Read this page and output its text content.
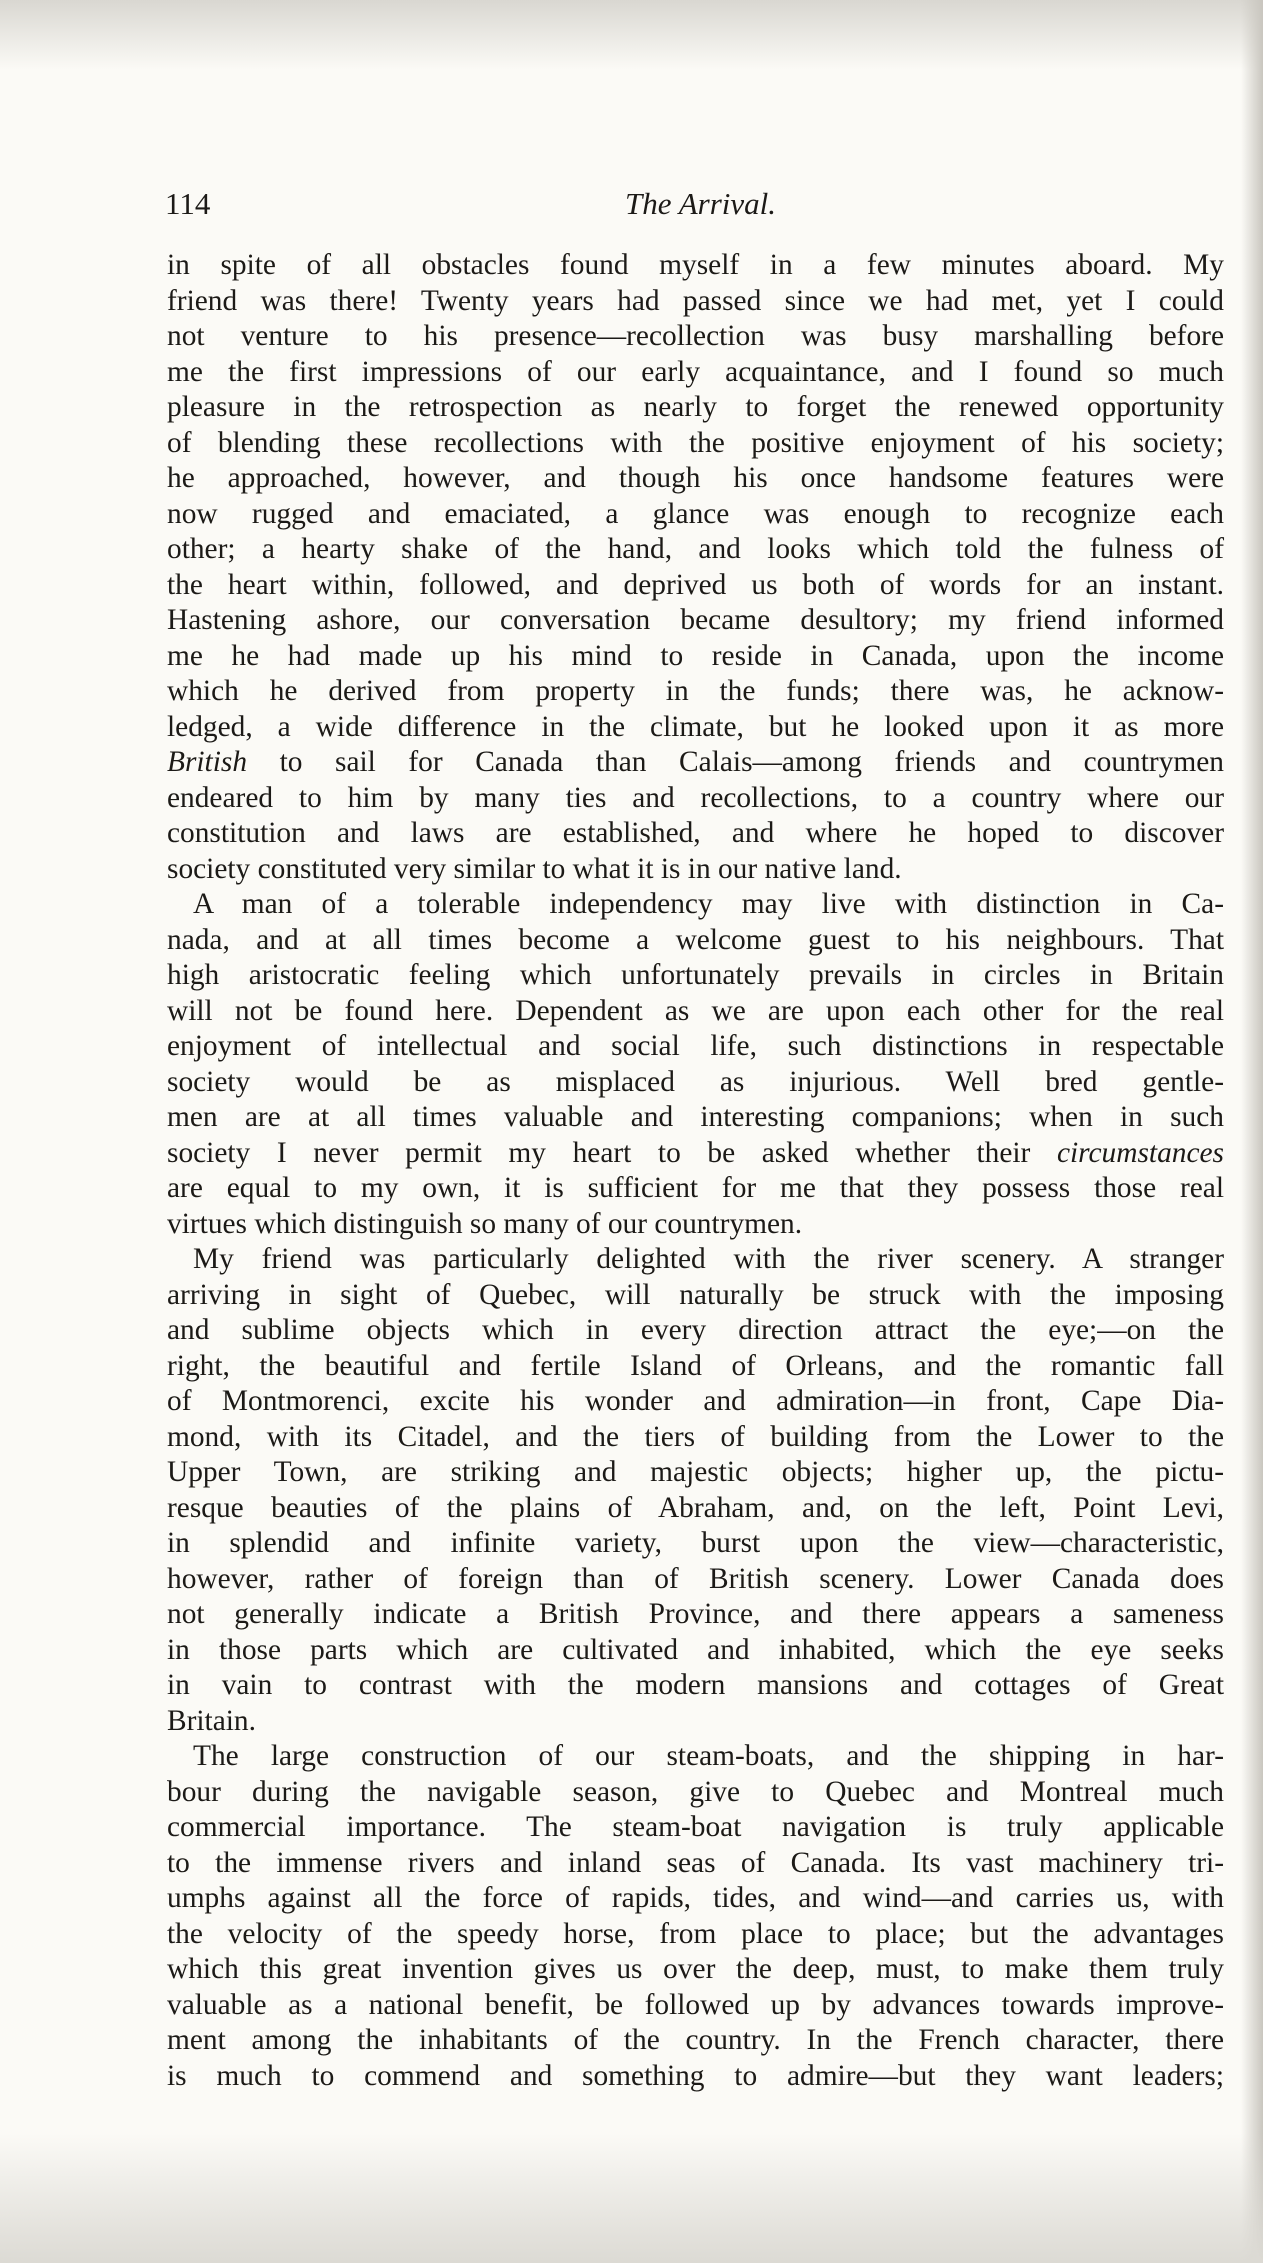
114	The Arrival.
in spite of all obstacles found myself in a few minutes aboard. My
friend was there! Twenty years had passed since we had met, yet I could
not venture to his presence—recollection was busy marshalling before
me the first impressions of our early acquaintance, and I found so much
pleasure in the retrospection as nearly to forget the renewed opportunity
of blending these recollections with the positive enjoyment of his society;
he approached, however, and though his once handsome features were
now rugged and emaciated, a glance was enough to recognize each
other; a hearty shake of the hand, and looks which told the fulness of
the heart within, followed, and deprived us both of words for an instant.
Hastening ashore, our conversation became desultory; my friend informed
me he had made up his mind to reside in Canada, upon the income
which he derived from property in the funds; there was, he acknow-
ledged, a wide difference in the climate, but he looked upon it as more
British to sail for Canada than Calais—among friends and countrymen
endeared to him by many ties and recollections, to a country where our
constitution and laws are established, and where he hoped to discover
society constituted very similar to what it is in our native land.
A man of a tolerable independency may live with distinction in Ca-
nada, and at all times become a welcome guest to his neighbours. That
high aristocratic feeling which unfortunately prevails in circles in Britain
will not be found here. Dependent as we are upon each other for the real
enjoyment of intellectual and social life, such distinctions in respectable
society would be as misplaced as injurious. Well bred gentle-
men are at all times valuable and interesting companions; when in such
society I never permit my heart to be asked whether their circumstances
are equal to my own, it is sufficient for me that they possess those real
virtues which distinguish so many of our countrymen.
My friend was particularly delighted with the river scenery. A stranger
arriving in sight of Quebec, will naturally be struck with the imposing
and sublime objects which in every direction attract the eye;—on the
right, the beautiful and fertile Island of Orleans, and the romantic fall
of Montmorenci, excite his wonder and admiration—in front, Cape Dia-
mond, with its Citadel, and the tiers of building from the Lower to the
Upper Town, are striking and majestic objects; higher up, the pictu-
resque beauties of the plains of Abraham, and, on the left, Point Levi,
in splendid and infinite variety, burst upon the view—characteristic,
however, rather of foreign than of British scenery. Lower Canada does
not generally indicate a British Province, and there appears a sameness
in those parts which are cultivated and inhabited, which the eye seeks
in vain to contrast with the modern mansions and cottages of Great
Britain.
The large construction of our steam-boats, and the shipping in har-
bour during the navigable season, give to Quebec and Montreal much
commercial importance. The steam-boat navigation is truly applicable
to the immense rivers and inland seas of Canada. Its vast machinery tri-
umphs against all the force of rapids, tides, and wind—and carries us, with
the velocity of the speedy horse, from place to place; but the advantages
which this great invention gives us over the deep, must, to make them truly
valuable as a national benefit, be followed up by advances towards improve-
ment among the inhabitants of the country. In the French character, there
is much to commend and something to admire—but they want leaders;
